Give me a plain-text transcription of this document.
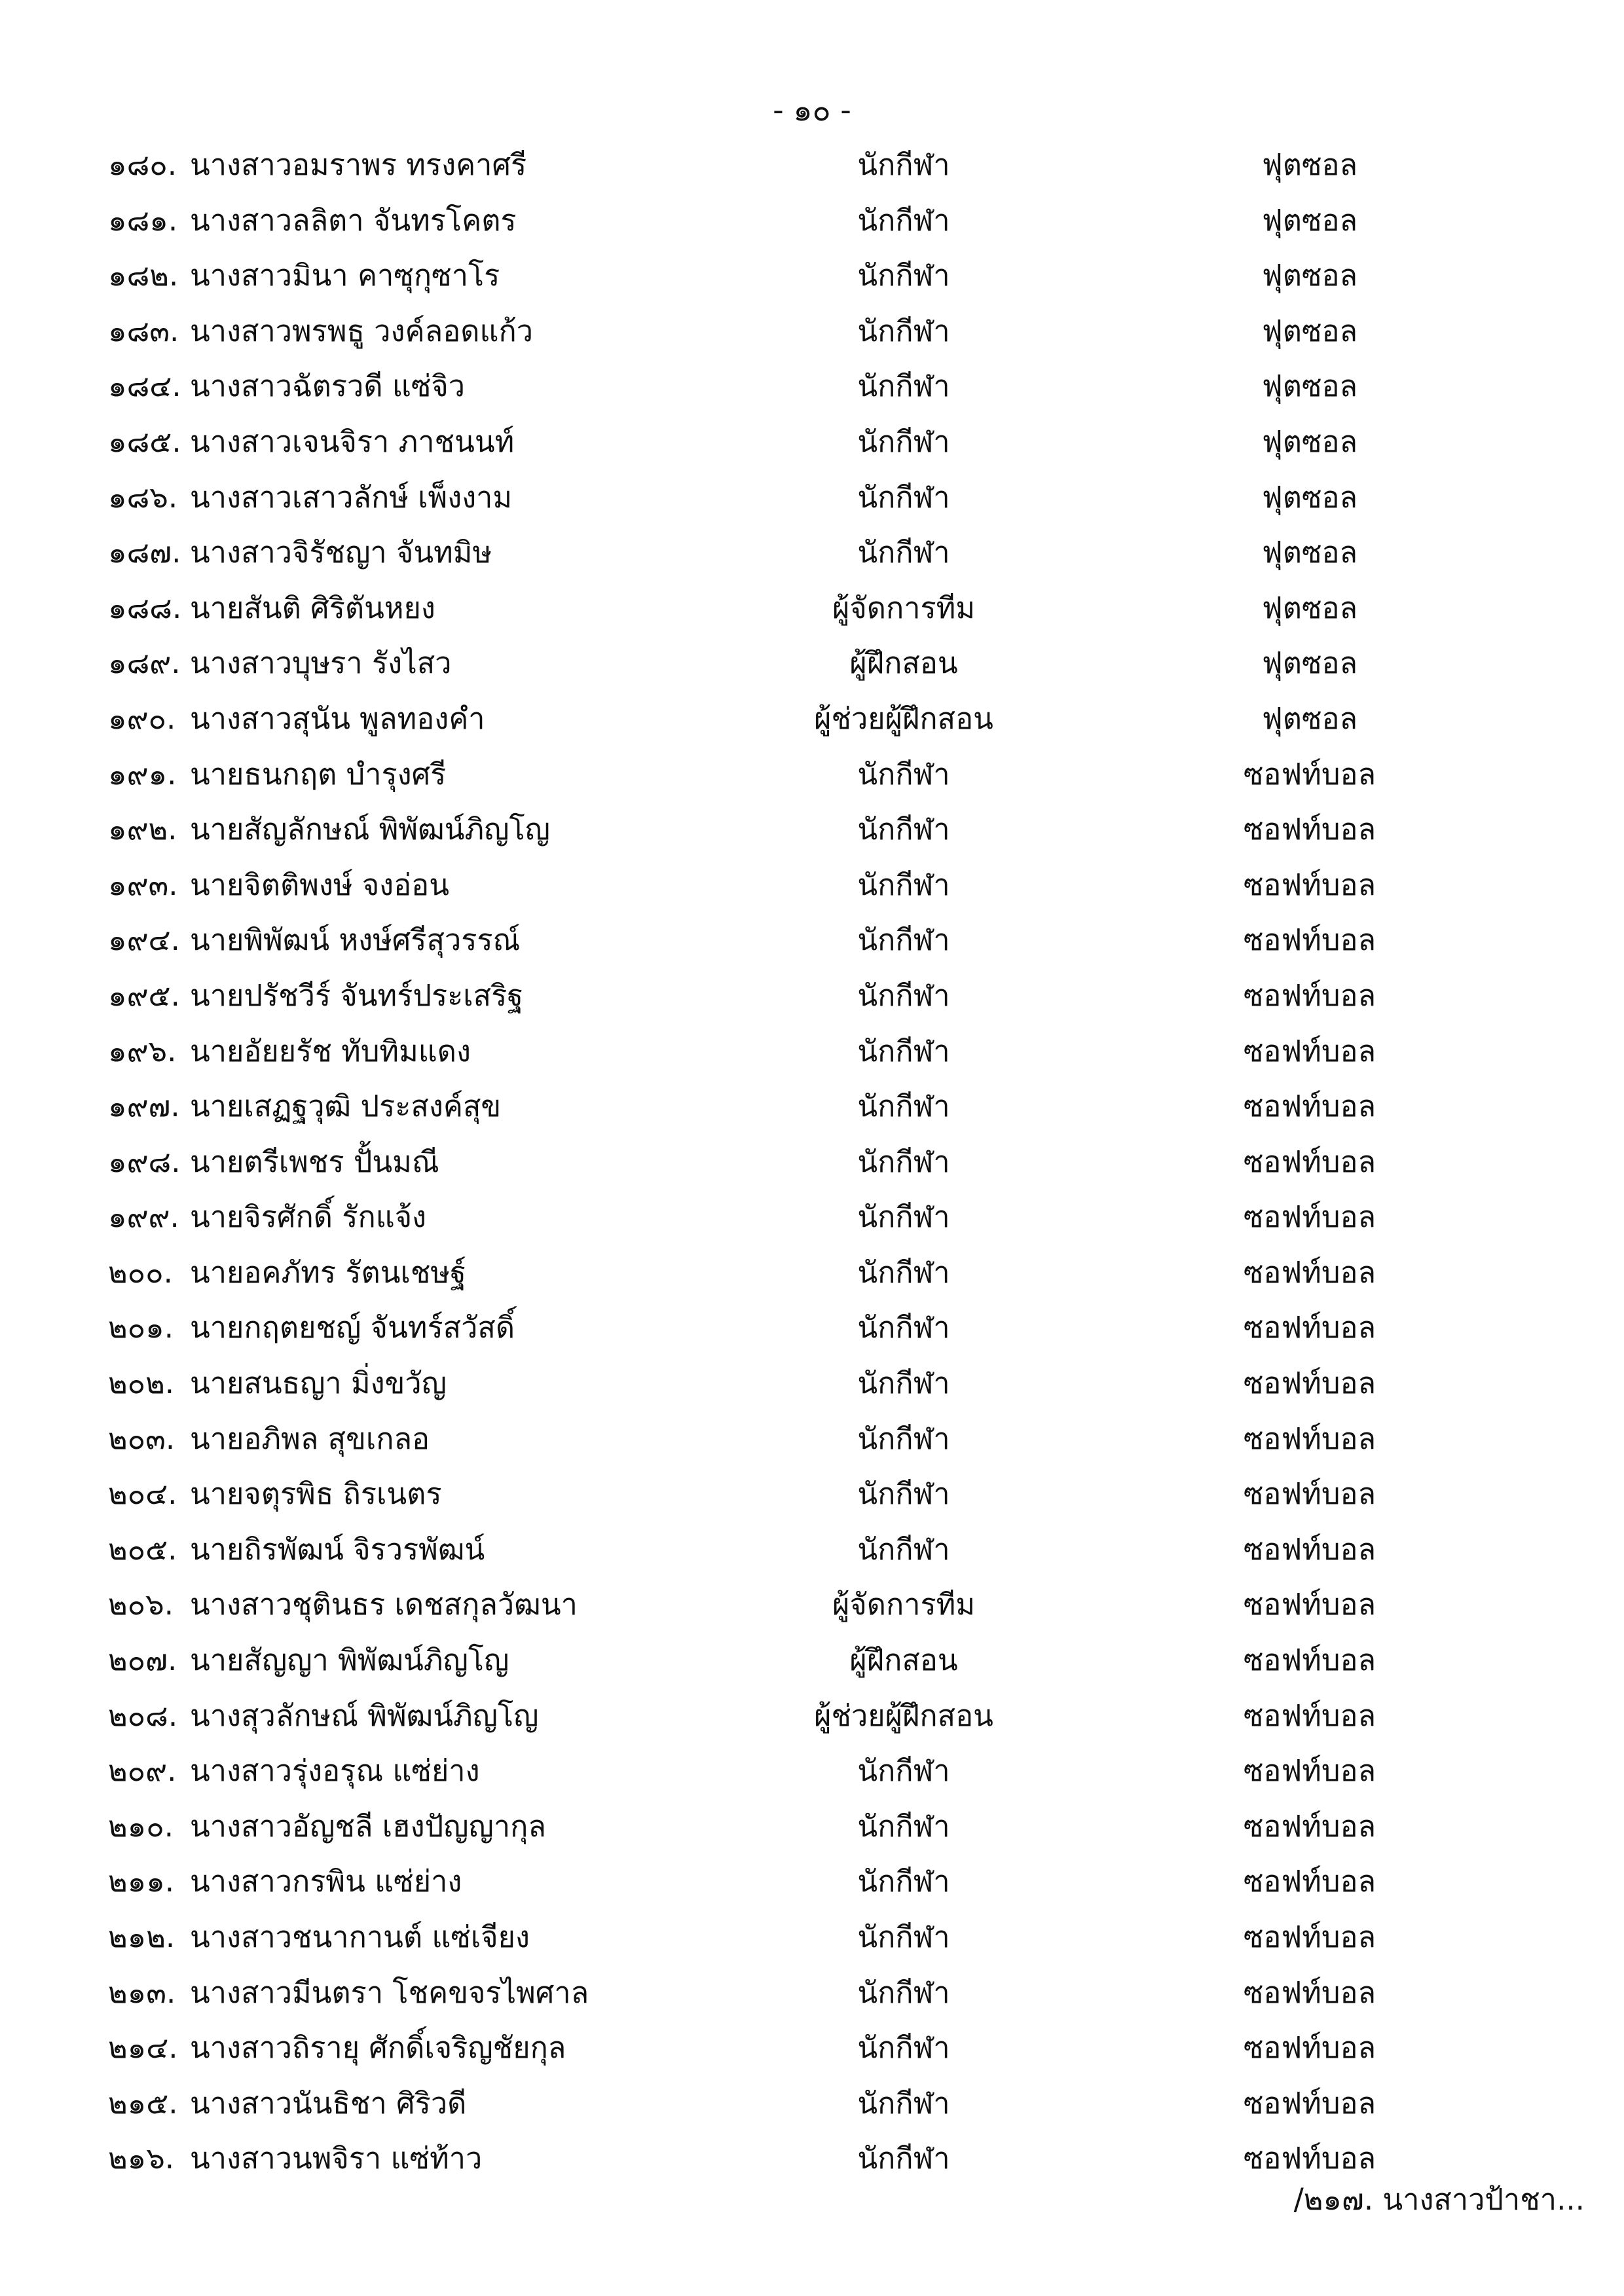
- ๑๐ -
๑๘๐. นางสาวอมราพร ทรงคาศรี	นักกีฬา	ฟุตซอล
๑๘๑. นางสาวลลิตา จันทรโคตร	นักกีฬา	ฟุตซอล
๑๘๒. นางสาวมินา คาซุกุซาโร	นักกีฬา	ฟุตซอล
๑๘๓. นางสาวพรพธู วงค์ลอดแก้ว	นักกีฬา	ฟุตซอล
๑๘๔. นางสาวฉัตรวดี แซ่จิว	นักกีฬา	ฟุตซอล
๑๘๕. นางสาวเจนจิรา ภาชนนท์	นักกีฬา	ฟุตซอล
๑๘๖. นางสาวเสาวลักษ์ เพ็งงาม	นักกีฬา	ฟุตซอล
๑๘๗. นางสาวจิรัชญา จันทมิษ	นักกีฬา	ฟุตซอล
๑๘๘. นายสันติ ศิริตันหยง	ผู้จัดการทีม	ฟุตซอล
๑๘๙. นางสาวบุษรา รังไสว	ผู้ฝึกสอน	ฟุตซอล
๑๙๐. นางสาวสุนัน พูลทองคำ	ผู้ช่วยผู้ฝึกสอน	ฟุตซอล
๑๙๑. นายธนกฤต บำรุงศรี	นักกีฬา	ซอฟท์บอล
๑๙๒. นายสัญลักษณ์ พิพัฒน์ภิญโญ	นักกีฬา	ซอฟท์บอล
๑๙๓. นายจิตติพงษ์ จงอ่อน	นักกีฬา	ซอฟท์บอล
๑๙๔. นายพิพัฒน์ หงษ์ศรีสุวรรณ์	นักกีฬา	ซอฟท์บอล
๑๙๕. นายปรัชวีร์ จันทร์ประเสริฐ	นักกีฬา	ซอฟท์บอล
๑๙๖. นายอัยยรัช ทับทิมแดง	นักกีฬา	ซอฟท์บอล
๑๙๗. นายเสฏฐวุฒิ ประสงค์สุข	นักกีฬา	ซอฟท์บอล
๑๙๘. นายตรีเพชร ปั้นมณี	นักกีฬา	ซอฟท์บอล
๑๙๙. นายจิรศักดิ์ รักแจ้ง	นักกีฬา	ซอฟท์บอล
๒๐๐. นายอคภัทร รัตนเชษฐ์	นักกีฬา	ซอฟท์บอล
๒๐๑. นายกฤตยชญ์ จันทร์สวัสดิ์	นักกีฬา	ซอฟท์บอล
๒๐๒. นายสนธญา มิ่งขวัญ	นักกีฬา	ซอฟท์บอล
๒๐๓. นายอภิพล สุขเกลอ	นักกีฬา	ซอฟท์บอล
๒๐๔. นายจตุรพิธ ถิรเนตร	นักกีฬา	ซอฟท์บอล
๒๐๕. นายถิรพัฒน์ จิรวรพัฒน์	นักกีฬา	ซอฟท์บอล
๒๐๖. นางสาวชุตินธร เดชสกุลวัฒนา	ผู้จัดการทีม	ซอฟท์บอล
๒๐๗. นายสัญญา พิพัฒน์ภิญโญ	ผู้ฝึกสอน	ซอฟท์บอล
๒๐๘. นางสุวลักษณ์ พิพัฒน์ภิญโญ	ผู้ช่วยผู้ฝึกสอน	ซอฟท์บอล
๒๐๙. นางสาวรุ่งอรุณ แซ่ย่าง	นักกีฬา	ซอฟท์บอล
๒๑๐. นางสาวอัญชลี เฮงปัญญากุล	นักกีฬา	ซอฟท์บอล
๒๑๑. นางสาวกรพิน แซ่ย่าง	นักกีฬา	ซอฟท์บอล
๒๑๒. นางสาวชนากานต์ แซ่เจียง	นักกีฬา	ซอฟท์บอล
๒๑๓. นางสาวมีนตรา โชคขจรไพศาล	นักกีฬา	ซอฟท์บอล
๒๑๔. นางสาวถิรายุ ศักดิ์เจริญชัยกุล	นักกีฬา	ซอฟท์บอล
๒๑๕. นางสาวนันธิชา ศิริวดี	นักกีฬา	ซอฟท์บอล
๒๑๖. นางสาวนพจิรา แซ่ท้าว	นักกีฬา	ซอฟท์บอล
/๒๑๗. นางสาวป้าชา...
